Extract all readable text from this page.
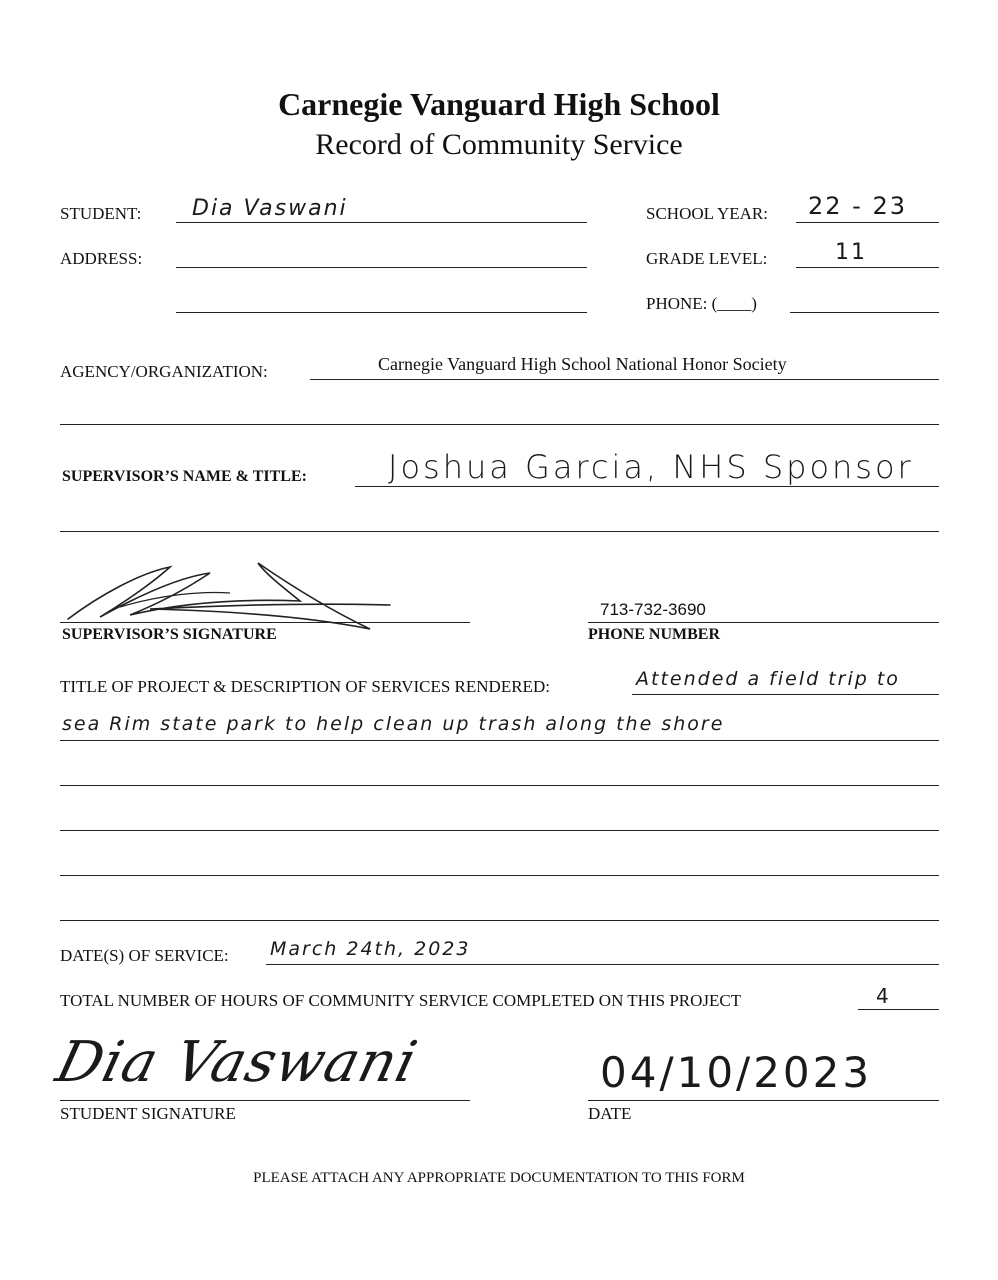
Carnegie Vanguard High School
Record of Community Service
STUDENT: Dia Vaswani	SCHOOL YEAR: 22 - 23
ADDRESS:	GRADE LEVEL:	11
PHONE: (____)
AGENCY/ORGANIZATION:	Carnegie Vanguard High School National Honor Society
SUPERVISOR’S NAME & TITLE:	Joshua Garcia, NHS Sponsor
SUPERVISOR’S SIGNATURE
713-732-3690
PHONE NUMBER
TITLE OF PROJECT & DESCRIPTION OF SERVICES RENDERED:	Attended a field trip to
sea Rim state park to help clean up trash along the shore
DATE(S) OF SERVICE: March 24th, 2023
TOTAL NUMBER OF HOURS OF COMMUNITY SERVICE COMPLETED ON THIS PROJECT	4
Dia Vaswani
STUDENT SIGNATURE
04/10/2023
DATE
PLEASE ATTACH ANY APPROPRIATE DOCUMENTATION TO THIS FORM
